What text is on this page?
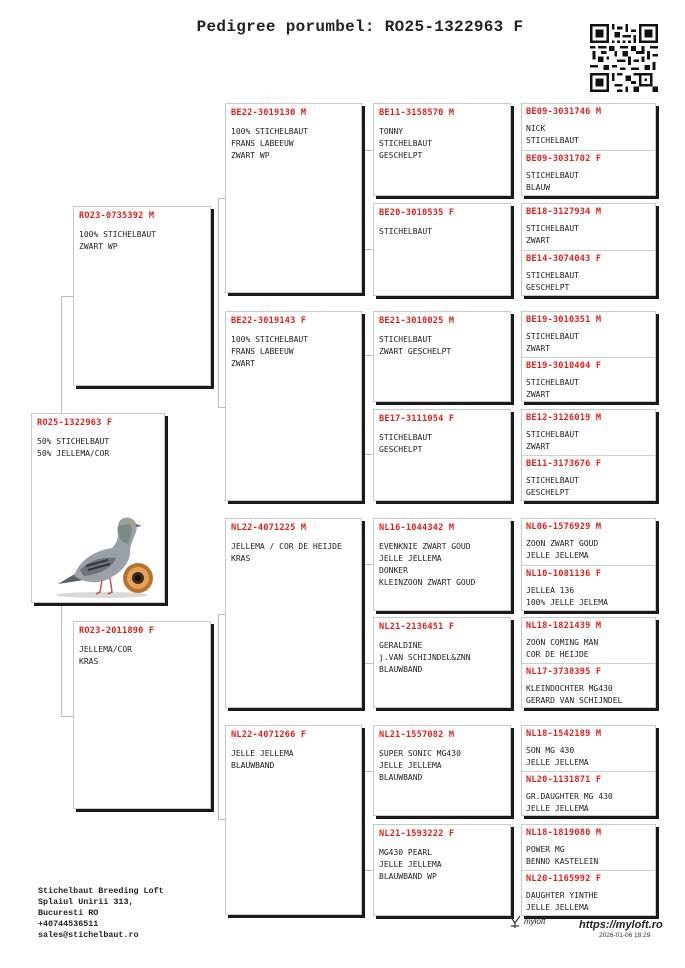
Pedigree porumbel: RO25-1322963 F
RO25-1322963 F
50% STICHELBAUT
50% JELLEMA/COR
RO23-0735392 M
100% STICHELBAUT
ZWART WP
RO23-2011890 F
JELLEMA/COR
KRAS
BE22-3019130 M
100% STICHELBAUT
FRANS LABEEUW
ZWART WP
BE22-3019143 F
100% STICHELBAUT
FRANS LABEEUW
ZWART
NL22-4071225 M
JELLEMA / COR DE HEIJDE
KRAS
NL22-4071266 F
JELLE JELLEMA
BLAUWBAND
BE11-3158570 M
TONNY
STICHELBAUT
GESCHELPT
BE20-3010535 F
STICHELBAUT
BE21-3010025 M
STICHELBAUT
ZWART GESCHELPT
BE17-3111054 F
STICHELBAUT
GESCHELPT
NL16-1044342 M
EVENKNIE ZWART GOUD
JELLE JELLEMA
DONKER
KLEINZOON ZWART GOUD
NL21-2136451 F
GERALDINE
j.VAN SCHIJNDEL&ZNN
BLAUWBAND
NL21-1557082 M
SUPER SONIC MG430
JELLE JELLEMA
BLAUWBAND
NL21-1593222 F
MG430 PEARL
JELLE JELLEMA
BLAUWBAND WP
BE09-3031746 M
NICK
STICHELBAUT
BE09-3031702 F
STICHELBAUT
BLAUW
BE18-3127934 M
STICHELBAUT
ZWART
BE14-3074043 F
STICHELBAUT
GESCHELPT
BE19-3010351 M
STICHELBAUT
ZWART
BE19-3010404 F
STICHELBAUT
ZWART
BE12-3126019 M
STICHELBAUT
ZWART
BE11-3173676 F
STICHELBAUT
GESCHELPT
NL06-1576929 M
ZOON ZWART GOUD
JELLE JELLEMA
NL10-1081136 F
JELLEA 136
100% JELLE JELEMA
NL18-1821439 M
ZOON COMING MAN
COR DE HEIJDE
NL17-3738395 F
KLEINDOCHTER MG430
GERARD VAN SCHIJNDEL
NL18-1542189 M
SON MG 430
JELLE JELLEMA
NL20-1131871 F
GR.DAUGHTER MG 430
JELLE JELLEMA
NL18-1819080 M
POWER MG
BENNO KASTELEIN
NL20-1165992 F
DAUGHTER YINTHE
JELLE JELLEMA
Stichelbaut Breeding Loft
Splaiul Unirii 313,
Bucuresti RO
+40744536511
sales@stichelbaut.ro
myloft	https://myloft.ro
2026-01-06 18:29
